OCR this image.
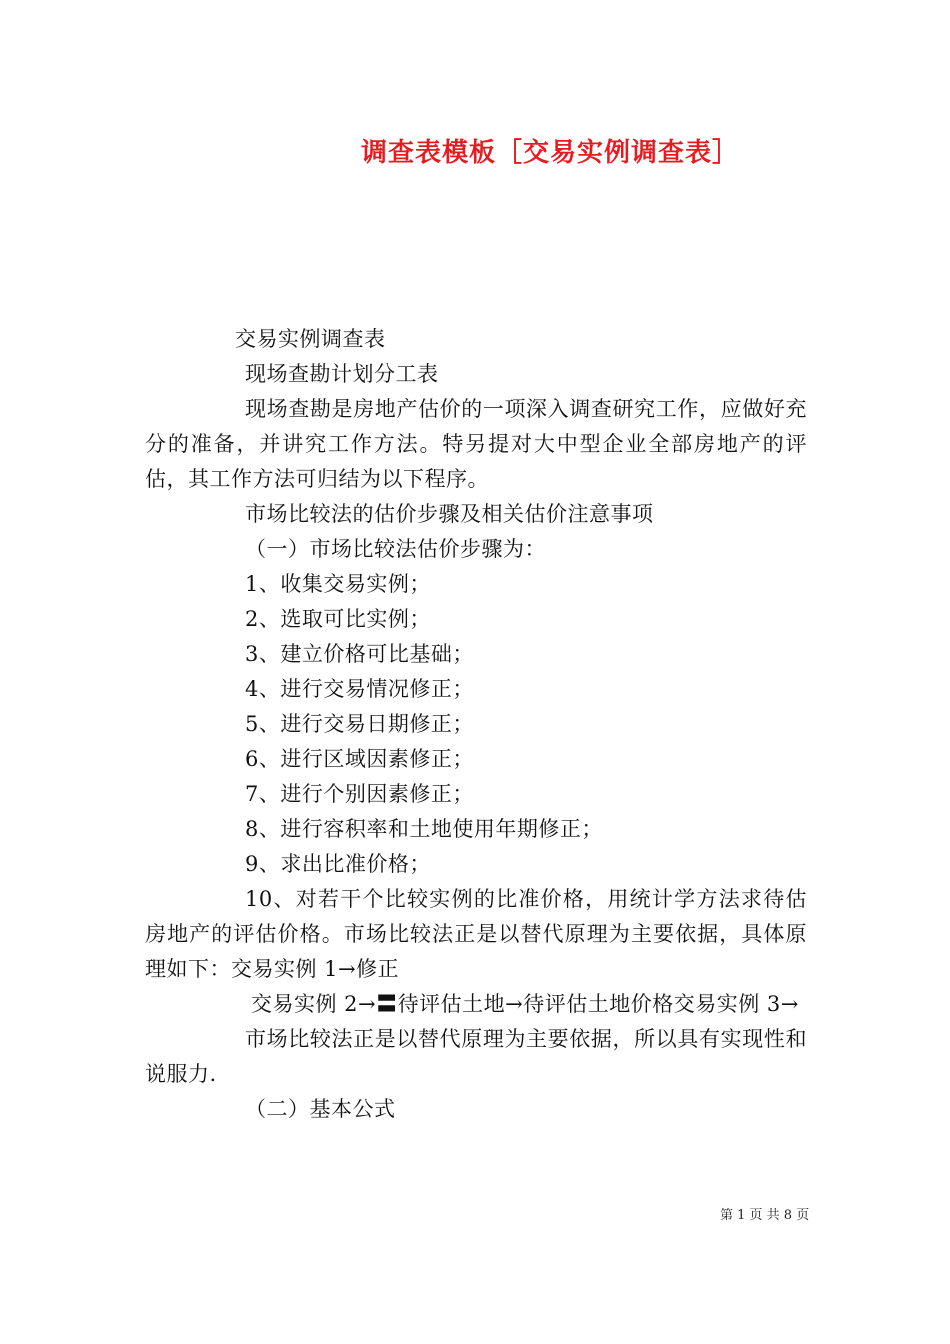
调查表模板［交易实例调查表］

交易实例调查表

现场查勘计划分工表

现场查勘是房地产估价的一项深入调查研究工作，应做好充分的准备，并讲究工作方法。特另提对大中型企业全部房地产的评估，其工作方法可归结为以下程序。

市场比较法的估价步骤及相关估价注意事项

（一）市场比较法估价步骤为：

1、收集交易实例；

2、选取可比实例；

3、建立价格可比基础；

4、进行交易情况修正；

5、进行交易日期修正；

6、进行区域因素修正；

7、进行个别因素修正；

8、进行容积率和土地使用年期修正；

9、求出比准价格；

10、对若干个比较实例的比准价格，用统计学方法求待估房地产的评估价格。市场比较法正是以替代原理为主要依据，具体原理如下：交易实例 1→修正

交易实例 2→〓待评估土地→待评估土地价格交易实例 3→

市场比较法正是以替代原理为主要依据，所以具有实现性和说服力.

（二）基本公式

第 1 页 共 8 页
